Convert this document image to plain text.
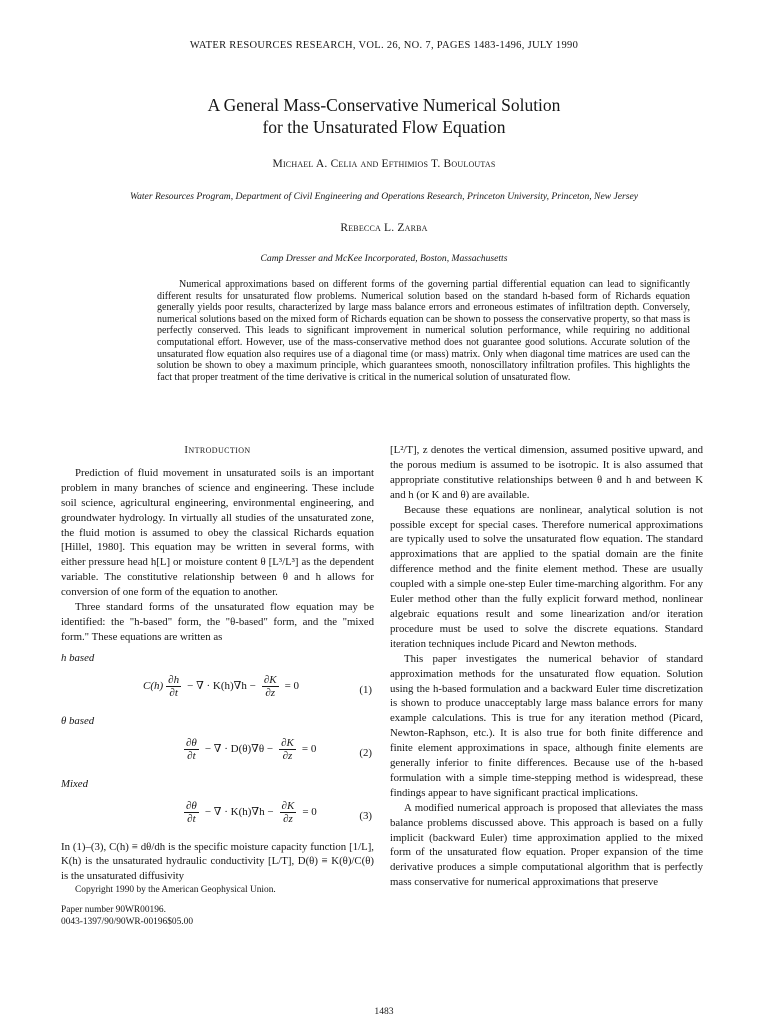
WATER RESOURCES RESEARCH, VOL. 26, NO. 7, PAGES 1483-1496, JULY 1990
A General Mass-Conservative Numerical Solution
for the Unsaturated Flow Equation
Michael A. Celia and Efthimios T. Bouloutas
Water Resources Program, Department of Civil Engineering and Operations Research, Princeton University, Princeton, New Jersey
Rebecca L. Zarba
Camp Dresser and McKee Incorporated, Boston, Massachusetts

Numerical approximations based on different forms of the governing partial differential equation can lead to significantly different results for unsaturated flow problems. Numerical solution based on the standard h-based form of Richards equation generally yields poor results, characterized by large mass balance errors and erroneous estimates of infiltration depth. Conversely, numerical solutions based on the mixed form of Richards equation can be shown to possess the conservative property, so that mass is perfectly conserved. This leads to significant improvement in numerical solution performance, while requiring no additional computational effort. However, use of the mass-conservative method does not guarantee good solutions. Accurate solution of the unsaturated flow equation also requires use of a diagonal time (or mass) matrix. Only when diagonal time matrices are used can the solution be shown to obey a maximum principle, which guarantees smooth, nonoscillatory infiltration profiles. This highlights the fact that proper treatment of the time derivative is critical in the numerical solution of unsaturated flow.

Introduction

Prediction of fluid movement in unsaturated soils is an important problem in many branches of science and engineering. These include soil science, agricultural engineering, environmental engineering, and groundwater hydrology. In virtually all studies of the unsaturated zone, the fluid motion is assumed to obey the classical Richards equation [Hillel, 1980]. This equation may be written in several forms, with either pressure head h[L] or moisture content θ [L³/L³] as the dependent variable. The constitutive relationship between θ and h allows for conversion of one form of the equation to another.

Three standard forms of the unsaturated flow equation may be identified: the "h-based" form, the "θ-based" form, and the "mixed form." These equations are written as

h based
$C(h) \frac{\partial h}{\partial t}$ − ∇ · $K(h)\nabla h - \frac{\partial K}{\partial z} = 0$	(1)
θ based
$\frac{\partial\theta}{\partial t}$ − ∇ · $D(\theta)\nabla\theta - \frac{\partial K}{\partial z} = 0$	(2)
Mixed
$\frac{\partial\theta}{\partial t}$ − ∇ · $K(h)\nabla h - \frac{\partial K}{\partial z} = 0$	(3)

In (1)–(3), C(h) ≡ dθ/dh is the specific moisture capacity function [1/L], K(h) is the unsaturated hydraulic conductivity [L/T], D(θ) ≡ K(θ)/C(θ) is the unsaturated diffusivity

Copyright 1990 by the American Geophysical Union.

Paper number 90WR00196.
0043-1397/90/90WR-00196$05.00

[L²/T], z denotes the vertical dimension, assumed positive upward, and the porous medium is assumed to be isotropic. It is also assumed that appropriate constitutive relationships between θ and h and between K and h (or K and θ) are available.

Because these equations are nonlinear, analytical solution is not possible except for special cases. Therefore numerical approximations are typically used to solve the unsaturated flow equation. The standard approximations that are applied to the spatial domain are the finite difference method and the finite element method. These are usually coupled with a simple one-step Euler time-marching algorithm. For any Euler method other than the fully explicit forward method, nonlinear algebraic equations result and some linearization and/or iteration procedure must be used to solve the discrete equations. Standard iteration techniques include Picard and Newton methods.

This paper investigates the numerical behavior of standard approximation methods for the unsaturated flow equation. Solution using the h-based formulation and a backward Euler time discretization is shown to produce unacceptably large mass balance errors for many example calculations. This is true for any iteration method (Picard, Newton-Raphson, etc.). It is also true for both finite difference and finite element approximations in space, although finite elements are generally inferior to finite differences. Because use of the h-based formulation with a simple time-stepping method is widespread, these findings appear to have significant practical implications.

A modified numerical approach is proposed that alleviates the mass balance problems discussed above. This approach is based on a fully implicit (backward Euler) time approximation applied to the mixed form of the unsaturated flow equation. Proper expansion of the time derivative produces a simple computational algorithm that is perfectly mass conservative for numerical approximations that preserve

1483
